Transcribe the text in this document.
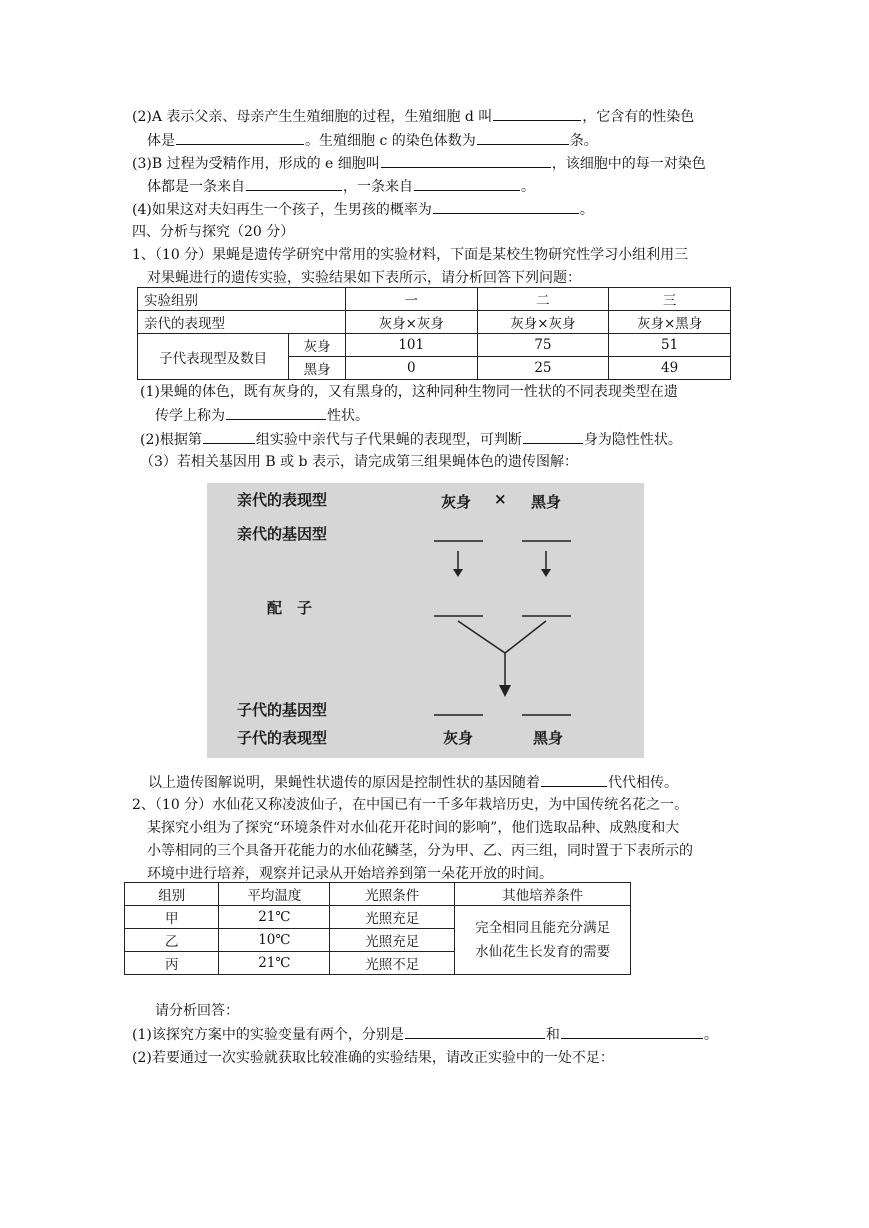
(2)A 表示父亲、母亲产生生殖细胞的过程，生殖细胞 d 叫	，它含有的性染色
体是	。生殖细胞 c 的染色体数为	条。
(3)B 过程为受精作用，形成的 e 细胞叫	，该细胞中的每一对染色
体都是一条来自	，一条来自	。
(4)如果这对夫妇再生一个孩子，生男孩的概率为	。
四、分析与探究（20 分）
1、（10 分）果蝇是遗传学研究中常用的实验材料，下面是某校生物研究性学习小组利用三
对果蝇进行的遗传实验，实验结果如下表所示，请分析回答下列问题：
实验组别		一	二	三
亲代的表现型		灰身×灰身	灰身×灰身	灰身×黑身
子代表现型及数目	灰身	101	75	51
	黑身	0	25	49
(1)果蝇的体色，既有灰身的，又有黑身的，这种同种生物同一性状的不同表现类型在遗
传学上称为	性状。
(2)根据第	组实验中亲代与子代果蝇的表现型，可判断	身为隐性性状。
（3）若相关基因用 B 或 b 表示，请完成第三组果蝇体色的遗传图解：
亲代的表现型	灰身 × 黑身
亲代的基因型
配　子
子代的基因型
子代的表现型	灰身	黑身
以上遗传图解说明，果蝇性状遗传的原因是控制性状的基因随着	代代相传。
2、（10 分）水仙花又称凌波仙子，在中国已有一千多年栽培历史，为中国传统名花之一。
某探究小组为了探究“环境条件对水仙花开花时间的影响”，他们选取品种、成熟度和大
小等相同的三个具备开花能力的水仙花鳞茎，分为甲、乙、丙三组，同时置于下表所示的
环境中进行培养，观察并记录从开始培养到第一朵花开放的时间。
组别	平均温度	光照条件	其他培养条件
甲	21℃	光照充足	完全相同且能充分满足
水仙花生长发育的需要

乙	10℃	光照充足	
丙	21℃	光照不足	
请分析回答：
(1)该探究方案中的实验变量有两个，分别是	和	。
(2)若要通过一次实验就获取比较准确的实验结果，请改正实验中的一处不足：
